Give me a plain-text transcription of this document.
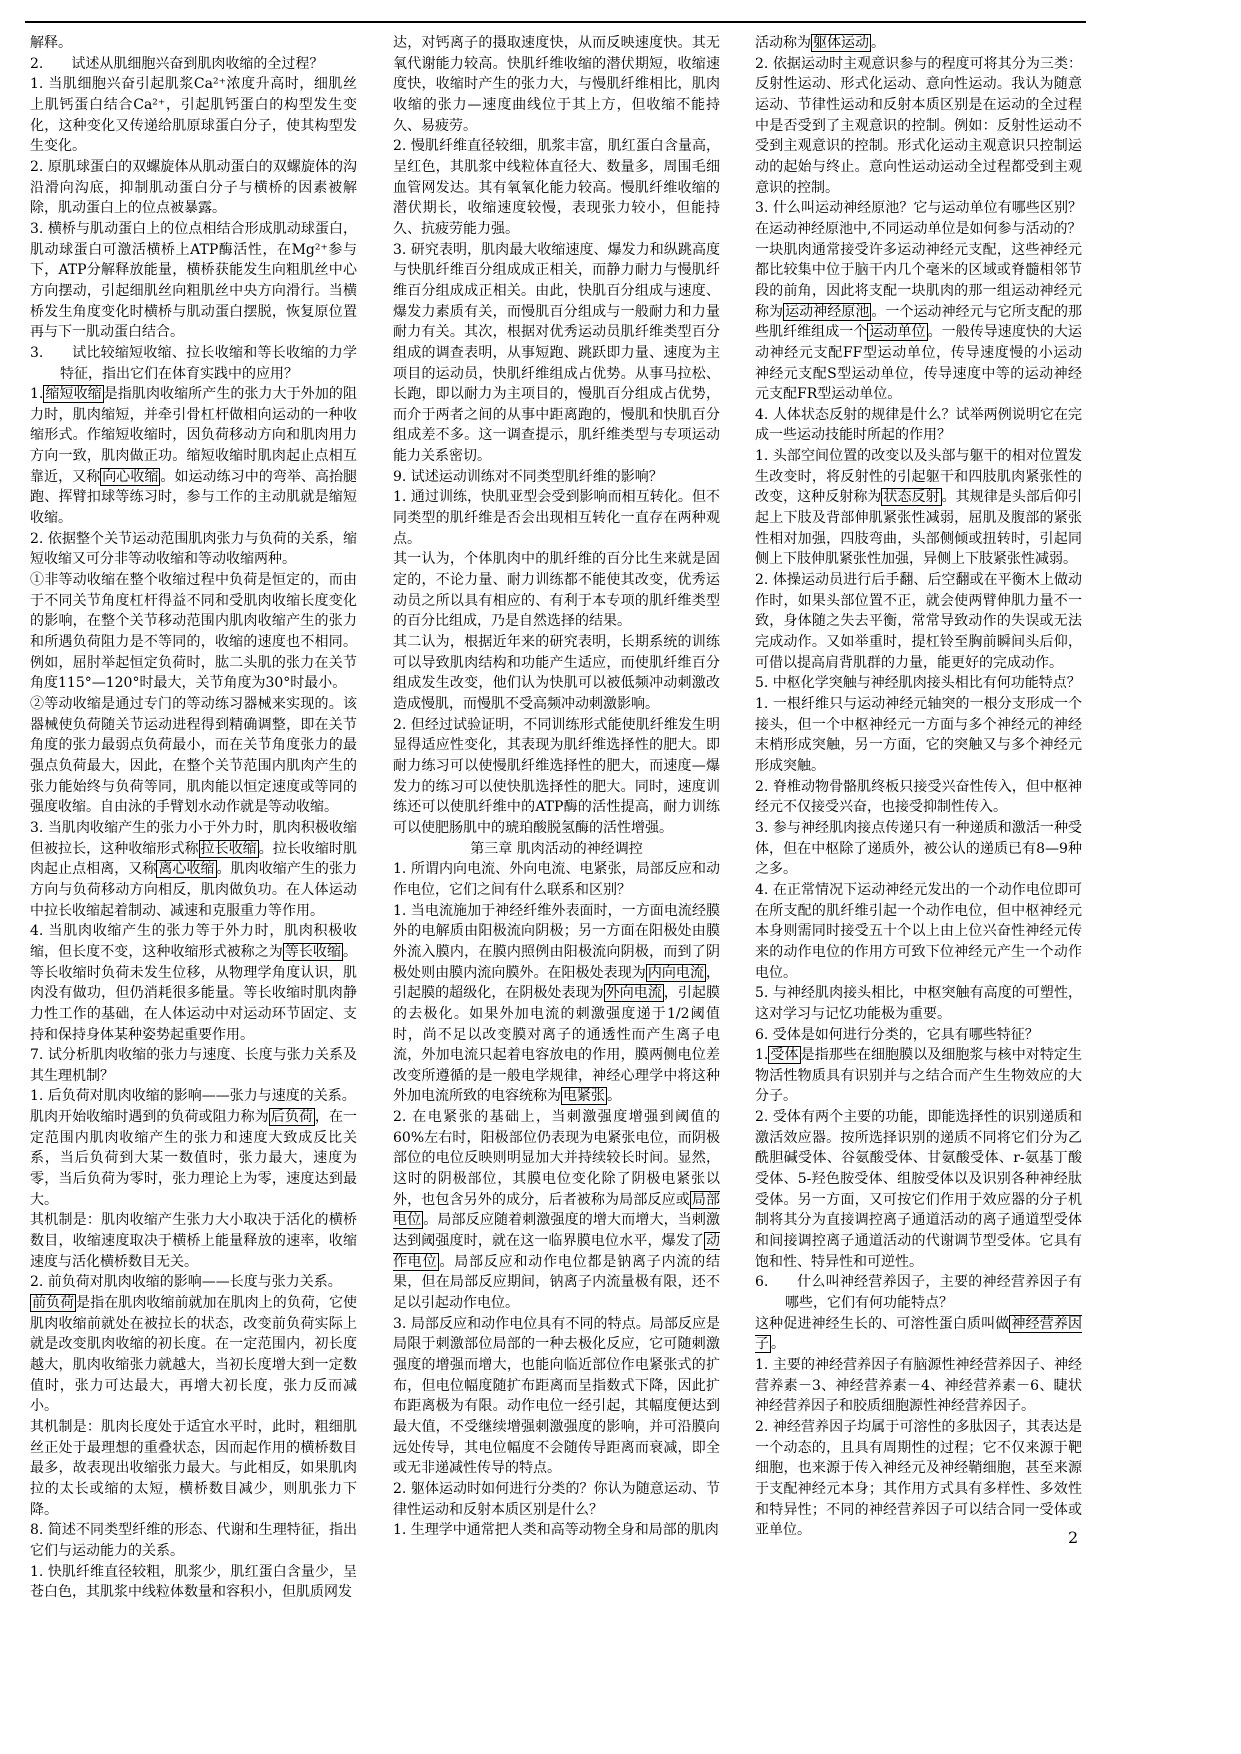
解释。

2.　　试述从肌细胞兴奋到肌肉收缩的全过程？

1. 当肌细胞兴奋引起肌浆Ca²⁺浓度升高时，细肌丝上肌钙蛋白结合Ca²⁺，引起肌钙蛋白的构型发生变化，这种变化又传递给肌原球蛋白分子，使其构型发生变化。

2. 原肌球蛋白的双螺旋体从肌动蛋白的双螺旋体的沟沿滑向沟底，抑制肌动蛋白分子与横桥的因素被解除，肌动蛋白上的位点被暴露。

3. 横桥与肌动蛋白上的位点相结合形成肌动球蛋白，肌动球蛋白可激活横桥上ATP酶活性，在Mg²⁺参与下，ATP分解释放能量，横桥获能发生向粗肌丝中心方向摆动，引起细肌丝向粗肌丝中央方向滑行。当横桥发生角度变化时横桥与肌动蛋白摆脱，恢复原位置再与下一肌动蛋白结合。

3.　　试比较缩短收缩、拉长收缩和等长收缩的力学特征，指出它们在体育实践中的应用？

1. 缩短收缩 是指肌肉收缩所产生的张力大于外加的阻力时，肌肉缩短，并牵引骨杠杆做相向运动的一种收缩形式。作缩短收缩时，因负荷移动方向和肌肉用力方向一致，肌肉做正功。缩短收缩时肌肉起止点相互靠近，又称 向心收缩 。如运动练习中的弯举、高抬腿跑、挥臂扣球等练习时，参与工作的主动肌就是缩短收缩。

2. 依据整个关节运动范围肌肉张力与负荷的关系，缩短收缩又可分非等动收缩和等动收缩两种。

①非等动收缩在整个收缩过程中负荷是恒定的，而由于不同关节角度杠杆得益不同和受肌肉收缩长度变化的影响，在整个关节移动范围内肌肉收缩产生的张力和所遇负荷阻力是不等同的，收缩的速度也不相同。例如，屈肘举起恒定负荷时，肱二头肌的张力在关节角度115°—120°时最大，关节角度为30°时最小。

②等动收缩是通过专门的等动练习器械来实现的。该器械使负荷随关节运动进程得到精确调整，即在关节角度的张力最弱点负荷最小，而在关节角度张力的最强点负荷最大，因此，在整个关节范围内肌肉产生的张力能始终与负荷等同，肌肉能以恒定速度或等同的强度收缩。自由泳的手臂划水动作就是等动收缩。

3. 当肌肉收缩产生的张力小于外力时，肌肉积极收缩但被拉长，这种收缩形式称 拉长收缩 。拉长收缩时肌肉起止点相离，又称 离心收缩 。肌肉收缩产生的张力方向与负荷移动方向相反，肌肉做负功。在人体运动中拉长收缩起着制动、减速和克服重力等作用。

4. 当肌肉收缩产生的张力等于外力时，肌肉积极收缩，但长度不变，这种收缩形式被称之为 等长收缩 。等长收缩时负荷未发生位移，从物理学角度认识，肌肉没有做功，但仍消耗很多能量。等长收缩时肌肉静力性工作的基础，在人体运动中对运动环节固定、支持和保持身体某种姿势起重要作用。

7. 试分析肌肉收缩的张力与速度、长度与张力关系及其生理机制？

1. 后负荷对肌肉收缩的影响——张力与速度的关系。

肌肉开始收缩时遇到的负荷或阻力称为 后负荷 ，在一定范围内肌肉收缩产生的张力和速度大致成反比关系，当后负荷到大某一数值时，张力最大，速度为零，当后负荷为零时，张力理论上为零，速度达到最大。

其机制是：肌肉收缩产生张力大小取决于活化的横桥数目，收缩速度取决于横桥上能量释放的速率，收缩速度与活化横桥数目无关。

2. 前负荷对肌肉收缩的影响——长度与张力关系。

前负荷 是指在肌肉收缩前就加在肌肉上的负荷，它使肌肉收缩前就处在被拉长的状态，改变前负荷实际上就是改变肌肉收缩的初长度。在一定范围内，初长度越大，肌肉收缩张力就越大，当初长度增大到一定数值时，张力可达最大，再增大初长度，张力反而减小。

其机制是：肌肉长度处于适宜水平时，此时，粗细肌丝正处于最理想的重叠状态，因而起作用的横桥数目最多，故表现出收缩张力最大。与此相反，如果肌肉拉的太长或缩的太短，横桥数目减少，则肌张力下降。

8. 简述不同类型纤维的形态、代谢和生理特征，指出它们与运动能力的关系。

1. 快肌纤维直径较粗，肌浆少，肌红蛋白含量少，呈苍白色，其肌浆中线粒体数量和容积小，但肌质网发

达，对钙离子的摄取速度快，从而反映速度快。其无氧代谢能力较高。快肌纤维收缩的潜伏期短，收缩速度快，收缩时产生的张力大，与慢肌纤维相比，肌肉收缩的张力—速度曲线位于其上方，但收缩不能持久、易疲劳。

2. 慢肌纤维直径较细，肌浆丰富，肌红蛋白含量高，呈红色，其肌浆中线粒体直径大、数量多，周围毛细血管网发达。其有氧氧化能力较高。慢肌纤维收缩的潜伏期长，收缩速度较慢，表现张力较小，但能持久、抗疲劳能力强。

3. 研究表明，肌肉最大收缩速度、爆发力和纵跳高度与快肌纤维百分组成成正相关，而静力耐力与慢肌纤维百分组成成正相关。由此，快肌百分组成与速度、爆发力素质有关，而慢肌百分组成与一般耐力和力量耐力有关。其次，根据对优秀运动员肌纤维类型百分组成的调查表明，从事短跑、跳跃即力量、速度为主项目的运动员，快肌纤维组成占优势。从事马拉松、长跑，即以耐力为主项目的，慢肌百分组成占优势，而介于两者之间的从事中距离跑的，慢肌和快肌百分组成差不多。这一调查提示，肌纤维类型与专项运动能力关系密切。

9. 试述运动训练对不同类型肌纤维的影响？

1. 通过训练，快肌亚型会受到影响而相互转化。但不同类型的肌纤维是否会出现相互转化一直存在两种观点。

其一认为，个体肌肉中的肌纤维的百分比生来就是固定的，不论力量、耐力训练都不能使其改变，优秀运动员之所以具有相应的、有利于本专项的肌纤维类型的百分比组成，乃是自然选择的结果。

其二认为，根据近年来的研究表明，长期系统的训练可以导致肌肉结构和功能产生适应，而使肌纤维百分组成发生改变，他们认为快肌可以被低频冲动刺激改造成慢肌，而慢肌不受高频冲动刺激影响。

2. 但经过试验证明，不同训练形式能使肌纤维发生明显得适应性变化，其表现为肌纤维选择性的肥大。即耐力练习可以使慢肌纤维选择性的肥大，而速度—爆发力的练习可以使快肌选择性的肥大。同时，速度训练还可以使肌纤维中的ATP酶的活性提高，耐力训练可以使肥肠肌中的琥珀酸脱氢酶的活性增强。

第三章 肌肉活动的神经调控

1. 所谓内向电流、外向电流、电紧张，局部反应和动作电位，它们之间有什么联系和区别？

1. 当电流施加于神经纤维外表面时，一方面电流经膜外的电解质由阳极流向阴极；另一方面在阳极处由膜外流入膜内，在膜内照例由阳极流向阴极，而到了阴极处则由膜内流向膜外。在阳极处表现为 内向电流 ，引起膜的超级化，在阴极处表现为 外向电流 ，引起膜的去极化。如果外加电流的刺激强度递于1/2阈值时，尚不足以改变膜对离子的通透性而产生离子电流，外加电流只起着电容放电的作用，膜两侧电位差改变所遵循的是一般电学规律，神经心理学中将这种外加电流所致的电容统称为 电紧张 。

2. 在电紧张的基础上，当刺激强度增强到阈值的60%左右时，阳极部位仍表现为电紧张电位，而阴极部位的电位反映则明显加大并持续较长时间。显然，这时的阴极部位，其膜电位变化除了阴极电紧张以外，也包含另外的成分，后者被称为局部反应或 局部电位 。局部反应随着刺激强度的增大而增大，当刺激达到阈强度时，就在这一临界膜电位水平，爆发了 动作电位 。局部反应和动作电位都是钠离子内流的结果，但在局部反应期间，钠离子内流量极有限，还不足以引起动作电位。

3. 局部反应和动作电位具有不同的特点。局部反应是局限于刺激部位局部的一种去极化反应，它可随刺激强度的增强而增大，也能向临近部位作电紧张式的扩布，但电位幅度随扩布距离而呈指数式下降，因此扩布距离极为有限。动作电位一经引起，其幅度便达到最大值，不受继续增强刺激强度的影响，并可沿膜向远处传导，其电位幅度不会随传导距离而衰减，即全或无非递减性传导的特点。

2. 躯体运动时如何进行分类的？你认为随意运动、节律性运动和反射本质区别是什么？

1. 生理学中通常把人类和高等动物全身和局部的肌肉

活动称为 躯体运动 。

2. 依据运动时主观意识参与的程度可将其分为三类：反射性运动、形式化运动、意向性运动。我认为随意运动、节律性运动和反射本质区别是在运动的全过程中是否受到了主观意识的控制。例如：反射性运动不受到主观意识的控制。形式化运动主观意识只控制运动的起始与终止。意向性运动运动全过程都受到主观意识的控制。

3. 什么叫运动神经原池？它与运动单位有哪些区别？在运动神经原池中,不同运动单位是如何参与活动的？

一块肌肉通常接受许多运动神经元支配，这些神经元都比较集中位于脑干内几个毫米的区域或脊髓相邻节段的前角，因此将支配一块肌肉的那一组运动神经元称为 运动神经原池 。一个运动神经元与它所支配的那些肌纤维组成一个 运动单位 。一般传导速度快的大运动神经元支配FF型运动单位，传导速度慢的小运动神经元支配S型运动单位，传导速度中等的运动神经元支配FR型运动单位。

4. 人体状态反射的规律是什么？试举两例说明它在完成一些运动技能时所起的作用？

1. 头部空间位置的改变以及头部与躯干的相对位置发生改变时，将反射性的引起躯干和四肢肌肉紧张性的改变，这种反射称为 状态反射 。其规律是头部后仰引起上下肢及背部伸肌紧张性减弱，屈肌及腹部的紧张性相对加强，四肢弯曲，头部侧倾或扭转时，引起同侧上下肢伸肌紧张性加强，异侧上下肢紧张性减弱。

2. 体操运动员进行后手翻、后空翻或在平衡木上做动作时，如果头部位置不正，就会使两臂伸肌力量不一致，身体随之失去平衡，常常导致动作的失误或无法完成动作。又如举重时，提杠铃至胸前瞬间头后仰，可借以提高肩背肌群的力量，能更好的完成动作。

5. 中枢化学突触与神经肌肉接头相比有何功能特点？

1. 一根纤维只与运动神经元轴突的一根分支形成一个接头，但一个中枢神经元一方面与多个神经元的神经末梢形成突触，另一方面，它的突触又与多个神经元形成突触。

2. 脊椎动物骨骼肌终板只接受兴奋性传入，但中枢神经元不仅接受兴奋，也接受抑制性传入。

3. 参与神经肌肉接点传递只有一种递质和激活一种受体，但在中枢除了递质外，被公认的递质已有8—9种之多。

4. 在正常情况下运动神经元发出的一个动作电位即可在所支配的肌纤维引起一个动作电位，但中枢神经元本身则需同时接受五十个以上由上位兴奋性神经元传来的动作电位的作用方可致下位神经元产生一个动作电位。

5. 与神经肌肉接头相比，中枢突触有高度的可塑性，这对学习与记忆功能极为重要。

6. 受体是如何进行分类的，它具有哪些特征？

1. 受体 是指那些在细胞膜以及细胞浆与核中对特定生物活性物质具有识别并与之结合而产生生物效应的大分子。

2. 受体有两个主要的功能，即能选择性的识别递质和激活效应器。按所选择识别的递质不同将它们分为乙酰胆碱受体、谷氨酸受体、甘氨酸受体、r-氨基丁酸受体、5-羟色胺受体、组胺受体以及识别各种神经肽受体。另一方面，又可按它们作用于效应器的分子机制将其分为直接调控离子通道活动的离子通道型受体和间接调控离子通道活动的代谢调节型受体。它具有饱和性、特异性和可逆性。

6.　　什么叫神经营养因子，主要的神经营养因子有哪些，它们有何功能特点？

这种促进神经生长的、可溶性蛋白质叫做 神经营养因子 。

1. 主要的神经营养因子有脑源性神经营养因子、神经营养素－3、神经营养素－4、神经营养素－6、睫状神经营养因子和胶质细胞源性神经营养因子。

2. 神经营养因子均属于可溶性的多肽因子，其表达是一个动态的，且具有周期性的过程；它不仅来源于靶细胞，也来源于传入神经元及神经鞘细胞，甚至来源于支配神经元本身；其作用方式具有多样性、多效性和特异性；不同的神经营养因子可以结合同一受体或亚单位。	2
